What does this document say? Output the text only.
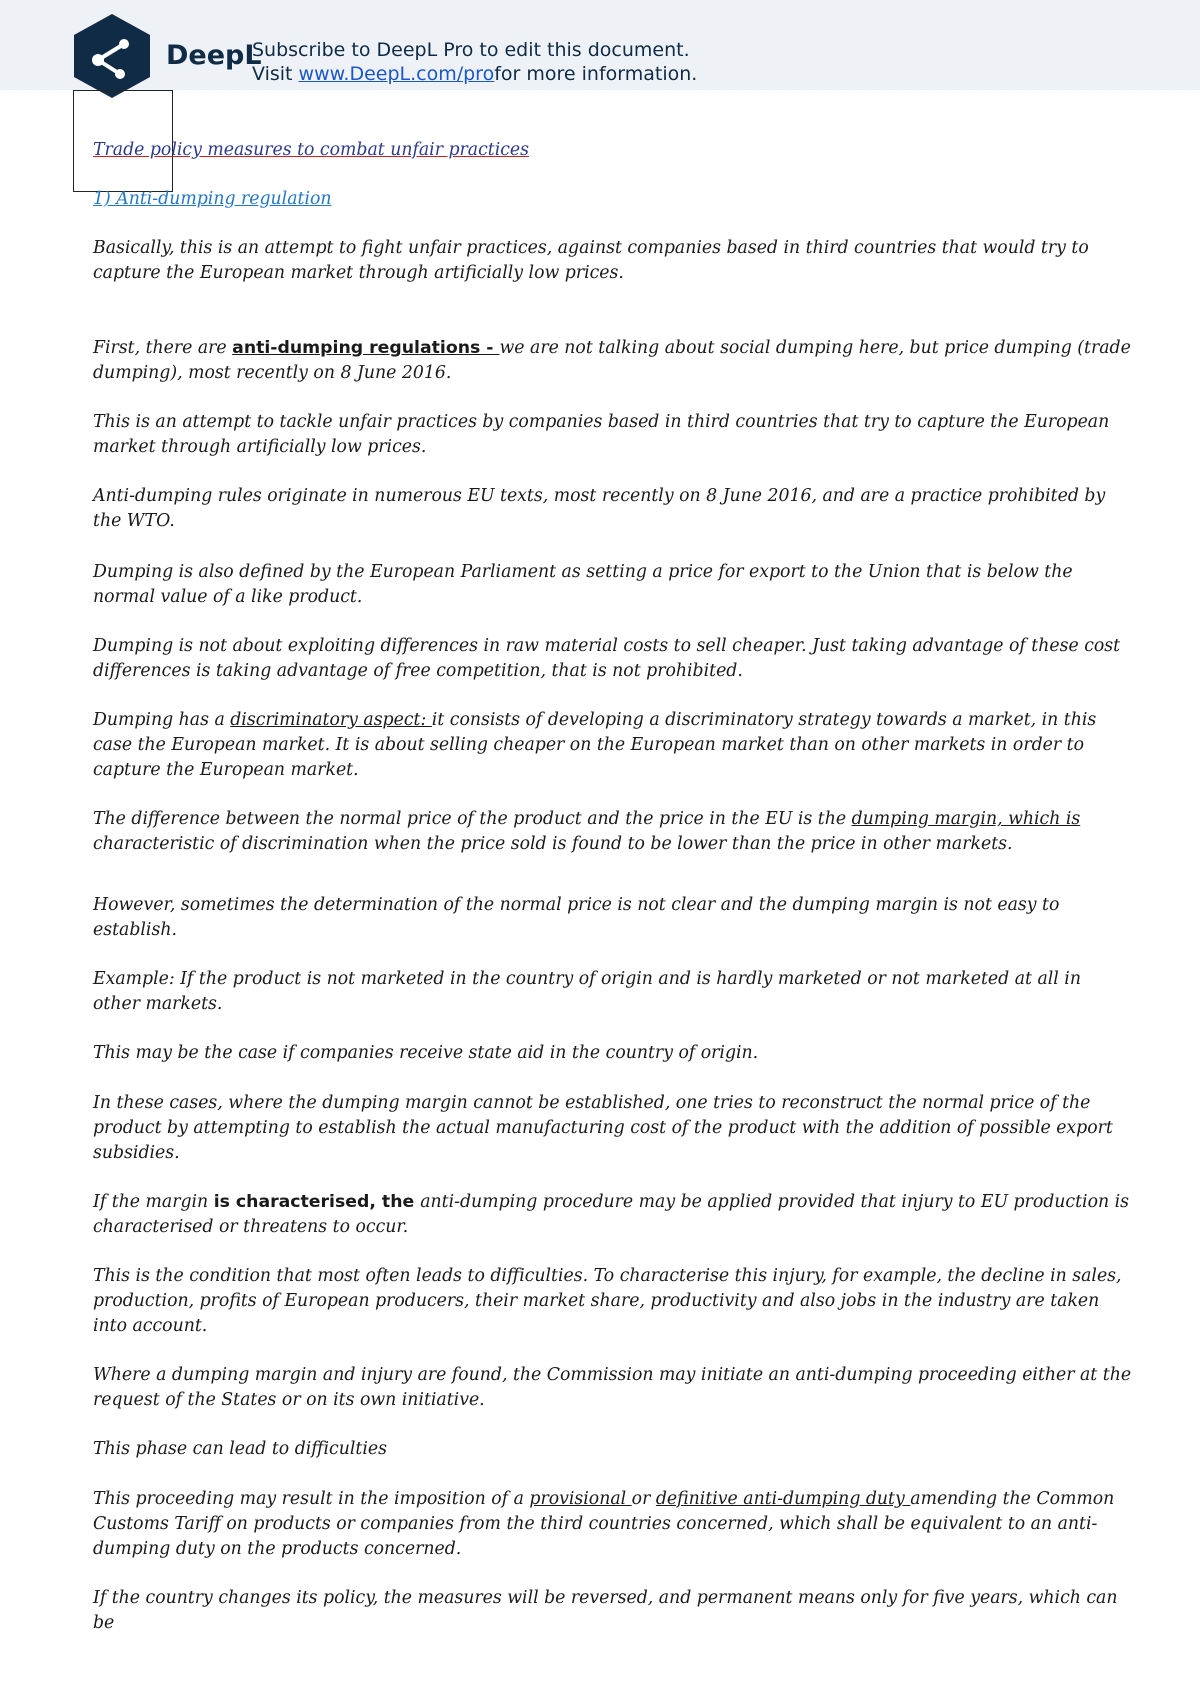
DeepL
Subscribe to DeepL Pro to edit this document.
Visit www.DeepL.com/profor more information.

Trade policy measures to combat unfair practices

1) Anti-dumping regulation

Basically, this is an attempt to fight unfair practices, against companies based in third countries that would try to capture the European market through artificially low prices.

First, there are anti-dumping regulations - we are not talking about social dumping here, but price dumping (trade dumping), most recently on 8 June 2016.

This is an attempt to tackle unfair practices by companies based in third countries that try to capture the European market through artificially low prices.

Anti-dumping rules originate in numerous EU texts, most recently on 8 June 2016, and are a practice prohibited by the WTO.

Dumping is also defined by the European Parliament as setting a price for export to the Union that is below the normal value of a like product.

Dumping is not about exploiting differences in raw material costs to sell cheaper. Just taking advantage of these cost differences is taking advantage of free competition, that is not prohibited.

Dumping has a discriminatory aspect: it consists of developing a discriminatory strategy towards a market, in this case the European market. It is about selling cheaper on the European market than on other markets in order to capture the European market.

The difference between the normal price of the product and the price in the EU is the dumping margin, which is characteristic of discrimination when the price sold is found to be lower than the price in other markets.

However, sometimes the determination of the normal price is not clear and the dumping margin is not easy to establish.

Example: If the product is not marketed in the country of origin and is hardly marketed or not marketed at all in other markets.

This may be the case if companies receive state aid in the country of origin.

In these cases, where the dumping margin cannot be established, one tries to reconstruct the normal price of the product by attempting to establish the actual manufacturing cost of the product with the addition of possible export subsidies.

If the margin is characterised, the anti-dumping procedure may be applied provided that injury to EU production is characterised or threatens to occur.

This is the condition that most often leads to difficulties. To characterise this injury, for example, the decline in sales, production, profits of European producers, their market share, productivity and also jobs in the industry are taken into account.

Where a dumping margin and injury are found, the Commission may initiate an anti-dumping proceeding either at the request of the States or on its own initiative.

This phase can lead to difficulties

This proceeding may result in the imposition of a provisional or definitive anti-dumping duty amending the Common Customs Tariff on products or companies from the third countries concerned, which shall be equivalent to an anti-dumping duty on the products concerned.

If the country changes its policy, the measures will be reversed, and permanent means only for five years, which can be
